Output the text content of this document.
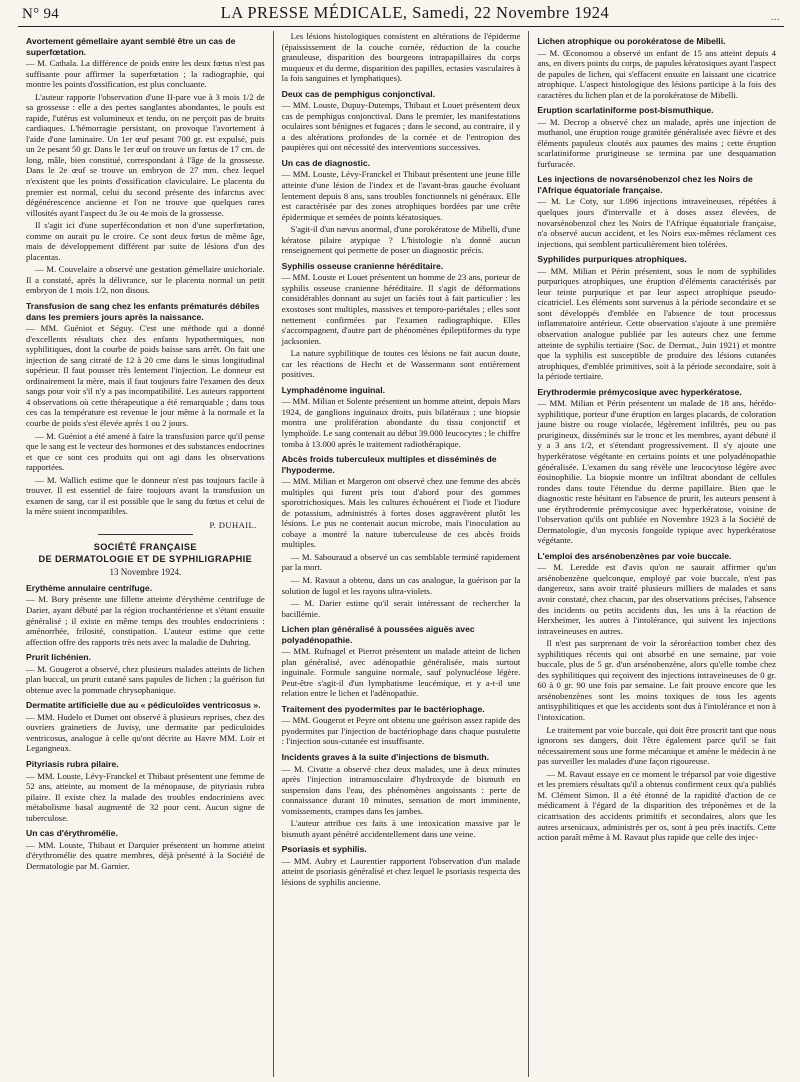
N° 94	LA PRESSE MÉDICALE, Samedi, 22 Novembre 1924	...
Avortement gémellaire ayant semblé être un cas de superfœtation.

— M. Cathala. La différence de poids entre les deux fœtus n'est pas suffisante pour affirmer la superfœtation ; la radiographie, qui montre les points d'ossification, est plus concluante.

L'auteur rapporte l'observation d'une II-pare vue à 3 mois 1/2 de sa grossesse : elle a des pertes sanglantes abondantes, le pouls est rapide, l'utérus est volumineux et tendu, on ne perçoit pas de bruits cardiaques. L'hémorragie persistant, on provoque l'avortement à l'aide d'une laminaire. Un 1er œuf pesant 700 gr. est expulsé, puis un 2e pesant 50 gr. Dans le 1er œuf on trouve un fœtus de 17 cm. de long, mâle, bien constitué, correspondant à l'âge de la grossesse. Dans le 2e œuf se trouve un embryon de 27 mm. chez lequel n'existent que les points d'ossification claviculaire. Le placenta du premier est normal, celui du second présente des infarctus avec dégénérescence ancienne et l'on ne trouve que quelques rares villosités ayant l'aspect du 3e ou 4e mois de la grossesse.

Il s'agit ici d'une superfécondation et non d'une superfœtation, comme on aurait pu le croire. Ce sont deux fœtus de même âge, mais de développement différent par suite de lésions d'un des placentas.

— M. Couvelaire a observé une gestation gémellaire unichoriale. Il a constaté, après la délivrance, sur le placenta normal un petit embryon de 1 mois 1/2, non disous.

Transfusion de sang chez les enfants prématurés débiles dans les premiers jours après la naissance.

— MM. Guéniot et Séguy. C'est une méthode qui a donné d'excellents résultats chez des enfants hypothermiques, non syphilitiques, dont la courbe de poids baisse sans arrêt. On fait une injection de sang citraté de 12 à 20 cme dans le sinus longitudinal supérieur. Il faut pousser très lentement l'injection. Le donneur est ordinairement la mère, mais il faut toujours faire l'examen des deux sangs pour voir s'il n'y a pas incompatibilité. Les auteurs rapportent 4 observations où cette thérapeutique a été remarquable ; dans tous ces cas la température est revenue le jour même à la normale et la courbe de poids s'est élevée après 1 ou 2 jours.

— M. Guéniot a été amené à faire la transfusion parce qu'il pense que le sang est le vecteur des hormones et des substances endocrines et que ce sont ces produits qui ont agi dans les observations rapportées.

— M. Wallich estime que le donneur n'est pas toujours facile à trouver. Il est essentiel de faire toujours avant la transfusion un examen de sang, car il est possible que le sang du fœtus et celui de la mère soient incompatibles.

P. DUHAIL.
SOCIÉTÉ FRANÇAISE
DE DERMATOLOGIE ET DE SYPHILIGRAPHIE
13 Novembre 1924.
Erythème annulaire centrifuge.

— M. Bory présente une fillette atteinte d'érythème centrifuge de Darier, ayant débuté par la région trochantérienne et s'étant ensuite généralisé ; il existe en même temps des troubles endocriniens : aménorrhée, frilosité, constipation. L'auteur estime que cette affection offre des rapports très nets avec la maladie de Duhring.

Prurit lichénien.

— M. Gougerot a observé, chez plusieurs malades atteints de lichen plan buccal, un prurit cutané sans papules de lichen ; la guérison fut obtenue avec la pommade chrysophanique.

Dermatite artificielle due au « pédiculoïdes ventricosus ».

— MM. Hudelo et Dumet ont observé à plusieurs reprises, chez des ouvriers grainetiers de Juvisy, une dermatite par pediculoides ventricosus, analogue à celle qu'ont décrite au Havre MM. Loir et Legangneux.

Pityriasis rubra pilaire.

— MM. Louste, Lévy-Franckel et Thibaut présentent une femme de 52 ans, atteinte, au moment de la ménopause, de pityriasis rubra pilaire. Il existe chez la malade des troubles endocriniens avec métabolisme basal augmenté de 32 pour cent. Aucun signe de tuberculose.

Un cas d'érythromélie.

— MM. Louste, Thibaut et Darquier présentent un homme atteint d'érythromélie des quatre membres, déjà présenté à la Société de Dermatologie par M. Garnier.

Les lésions histologiques consistent en altérations de l'épiderme (épaississement de la couche cornée, réduction de la couche granuleuse, disparition des bourgeons intrapapillaires du corps muqueux et du derme, disparition des papilles, ectasies vasculaires à la fois sanguines et lymphatiques).

Deux cas de pemphigus conjonctival.

— MM. Louste, Dupuy-Dutemps, Thibaut et Louet présentent deux cas de pemphigus conjonctival. Dans le premier, les manifestations oculaires sont bénignes et fugaces ; dans le second, au contraire, il y a des altérations profondes de la cornée et de l'entropion des paupières qui ont nécessité des interventions successives.

Un cas de diagnostic.

— MM. Louste, Lévy-Franckel et Thibaut présentent une jeune fille atteinte d'une lésion de l'index et de l'avant-bras gauche évoluant lentement depuis 8 ans, sans troubles fonctionnels ni généraux. Elle est caractérisée par des zones atrophiques bordées par une crête épidermique et semées de points kératosiques.

S'agit-il d'un nævus anormal, d'une porokératose de Mibelli, d'une kératose pilaire atypique ? L'histologie n'a donné aucun renseignement qui permette de poser un diagnostic précis.

Syphilis osseuse cranienne héréditaire.

— MM. Louste et Louet présentent un homme de 23 ans, porteur de syphilis osseuse cranienne héréditaire. Il s'agit de déformations considérables donnant au sujet un faciès tout à fait particulier : les exostoses sont multiples, massives et temporo-pariétales ; elles sont nettement confirmées par l'examen radiographique. Elles s'accompagnent, d'autre part de phénomènes épileptiformes du type jacksonien.

La nature syphilitique de toutes ces lésions ne fait aucun doute, car les réactions de Hecht et de Wassermann sont entièrement positives.

Lymphadénome inguinal.

— MM. Milian et Solente présentent un homme atteint, depuis Mars 1924, de ganglions inguinaux droits, puis bilatéraux ; une biopsie montra une prolifération abondante du tissu conjonctif et lymphoïde. Le sang contenait au début 39.000 leucocytes ; le chiffre tomba à 13.000 après le traitement radiothérapique.

Abcès froids tuberculeux multiples et disséminés de l'hypoderme.

— MM. Milian et Margeron ont observé chez une femme des abcès multiples qui furent pris tout d'abord pour des gommes sporotrichosiques. Mais les cultures échouèrent et l'iode et l'iodure de potassium, administrés à fortes doses aggravèrent plutôt les lésions. Le pus ne contenait aucun microbe, mais l'inoculation au cobaye a montré la nature tuberculeuse de ces abcès froids multiples.

— M. Sabouraud a observé un cas semblable terminé rapidement par la mort.

— M. Ravaut a obtenu, dans un cas analogue, la guérison par la solution de lugol et les rayons ultra-violets.

— M. Darier estime qu'il serait intéressant de rechercher la bacillémie.

Lichen plan généralisé à poussées aiguës avec polyadénopathie.

— MM. Rufnagel et Pierrot présentent un malade atteint de lichen plan généralisé, avec adénopathie généralisée, mais surtout inguinale. Formule sanguine normale, sauf polynucléose légère. Peut-être s'agit-il d'un lymphatisme leucémique, et y a-t-il une relation entre le lichen et l'adénopathie.

Traitement des pyodermites par le bactériophage.

— MM. Gougerot et Peyre ont obtenu une guérison assez rapide des pyodermites par l'injection de bactériophage dans chaque pustulette : l'injection sous-cutanée est insuffisante.

Incidents graves à la suite d'injections de bismuth.

— M. Civatte a observé chez deux malades, une à deux minutes après l'injection intramusculaire d'hydroxyde de bismuth en suspension dans l'eau, des phénomènes angoissants : perte de connaissance durant 10 minutes, sensation de mort imminente, vomissements, crampes dans les jambes.

L'auteur attribue ces faits à une intoxication massive par le bismuth ayant pénétré accidentellement dans une veine.

Psoriasis et syphilis.

— MM. Aubry et Laurentier rapportent l'observation d'un malade atteint de psoriasis généralisé et chez lequel le psoriasis respecta des lésions de syphilis ancienne.

Lichen atrophique ou porokératose de Mibelli.

— M. Œconomou a observé un enfant de 15 ans atteint depuis 4 ans, en divers points du corps, de papules kératosiques ayant l'aspect de papules de lichen, qui s'effacent ensuite en laissant une cicatrice atrophique. L'aspect histologique des lésions participe à la fois des caractères du lichen plan et de la porokératose de Mibelli.

Eruption scarlatiniforme post-bismuthique.

— M. Decrop a observé chez un malade, après une injection de muthanol, une éruption rouge granitée généralisée avec fièvre et des éléments papuleux cloutés aux paumes des mains ; cette éruption scarlatiniforme prurigineuse se termina par une desquamation furfuracée.

Les injections de novarsénobenzol chez les Noirs de l'Afrique équatoriale française.

— M. Le Coty, sur 1.096 injections intraveineuses, répétées à quelques jours d'intervalle et à doses assez élevées, de novarsénobenzol chez les Noirs de l'Afrique équatoriale française, n'a observé aucun accident, et les Noirs eux-mêmes réclament ces injections, qui semblent particulièrement bien tolérées.

Syphilides purpuriques atrophiques.

— MM. Milian et Périn présentent, sous le nom de syphilides purpuriques atrophiques, une éruption d'éléments caractérisés par leur teinte purpurique et par leur aspect atrophique pseudo-cicatriciel. Les éléments sont survenus à la période secondaire et se sont développés d'emblée en l'absence de tout processus inflammatoire antérieur. Cette observation s'ajoute à une première observation analogue publiée par les auteurs chez une femme atteinte de syphilis tertiaire (Soc. de Dermat., Juin 1921) et montre que la syphilis est susceptible de produire des lésions cutanées atrophiques, d'emblée primitives, soit à la période secondaire, soit à la période tertiaire.

Erythrodermie prémycosique avec hyperkératose.

— MM. Milian et Périn présentent un malade de 18 ans, hérédo-syphilitique, porteur d'une éruption en larges placards, de coloration jaune bistre ou rouge violacée, légèrement infiltrés, peu ou pas prurigineux, disséminés sur le tronc et les membres, ayant débuté il y a 3 ans 1/2, et s'étendant progressivement. Il s'y ajoute une hyperkératose végétante en certains points et une polyadénopathie généralisée. L'examen du sang révèle une leucocytose légère avec éosinophilie. La biopsie montre un infiltrat abondant de cellules rondes dans toute l'étendue du derme papillaire. Bien que le diagnostic reste hésitant en l'absence de prurit, les auteurs pensent à une érythrodermie prémycosique avec hyperkératose, voisine de l'observation qu'ils ont publiée en Novembre 1923 à la Société de Dermatologie, d'un mycosis fongoïde typique avec hyperkératose végétante.

L'emploi des arsénobenzènes par voie buccale.

— M. Leredde est d'avis qu'on ne saurait affirmer qu'un arsénobenzène quelconque, employé par voie buccale, n'est pas dangereux, sans avoir traité plusieurs milliers de malades et sans avoir constaté, chez chacun, par des observations précises, l'absence des incidents ou petits accidents dus, les uns à la réaction de Herxheimer, les autres à l'intolérance, qui suivent les injections intraveineuses en autres.

Il n'est pas surprenant de voir la séroréaction tomber chez des syphilitiques récents qui ont absorbé en une semaine, par voie buccale, plus de 5 gr. d'un arsénobenzène, alors qu'elle tombe chez des syphilitiques qui reçoivent des injections intraveineuses de 0 gr. 60 à 0 gr. 90 une fois par semaine. Le fait prouve encore que les arsénobenzènes sont les moins toxiques de tous les agents antisyphilitiques et que les accidents sont dus à l'intolérance et non à l'intoxication.

Le traitement par voie buccale, qui doit être proscrit tant que nous ignorons ses dangers, doit l'être également parce qu'il se fait nécessairement sous une forme mécanique et amène le médecin à ne pas surveiller les malades d'une façon rigoureuse.

— M. Ravaut essaye en ce moment le tréparsol par voie digestive et les premiers résultats qu'il a obtenus confirment ceux qu'a publiés M. Clément Simon. Il a été étonné de la rapidité d'action de ce médicament à l'égard de la disparition des tréponèmes et de la cicatrisation des accidents primitifs et secondaires, alors que les autres arsenicaux, administrés per os, sont à peu près inactifs. Cette action paraît même à M. Ravaut plus rapide que celle des injec-
